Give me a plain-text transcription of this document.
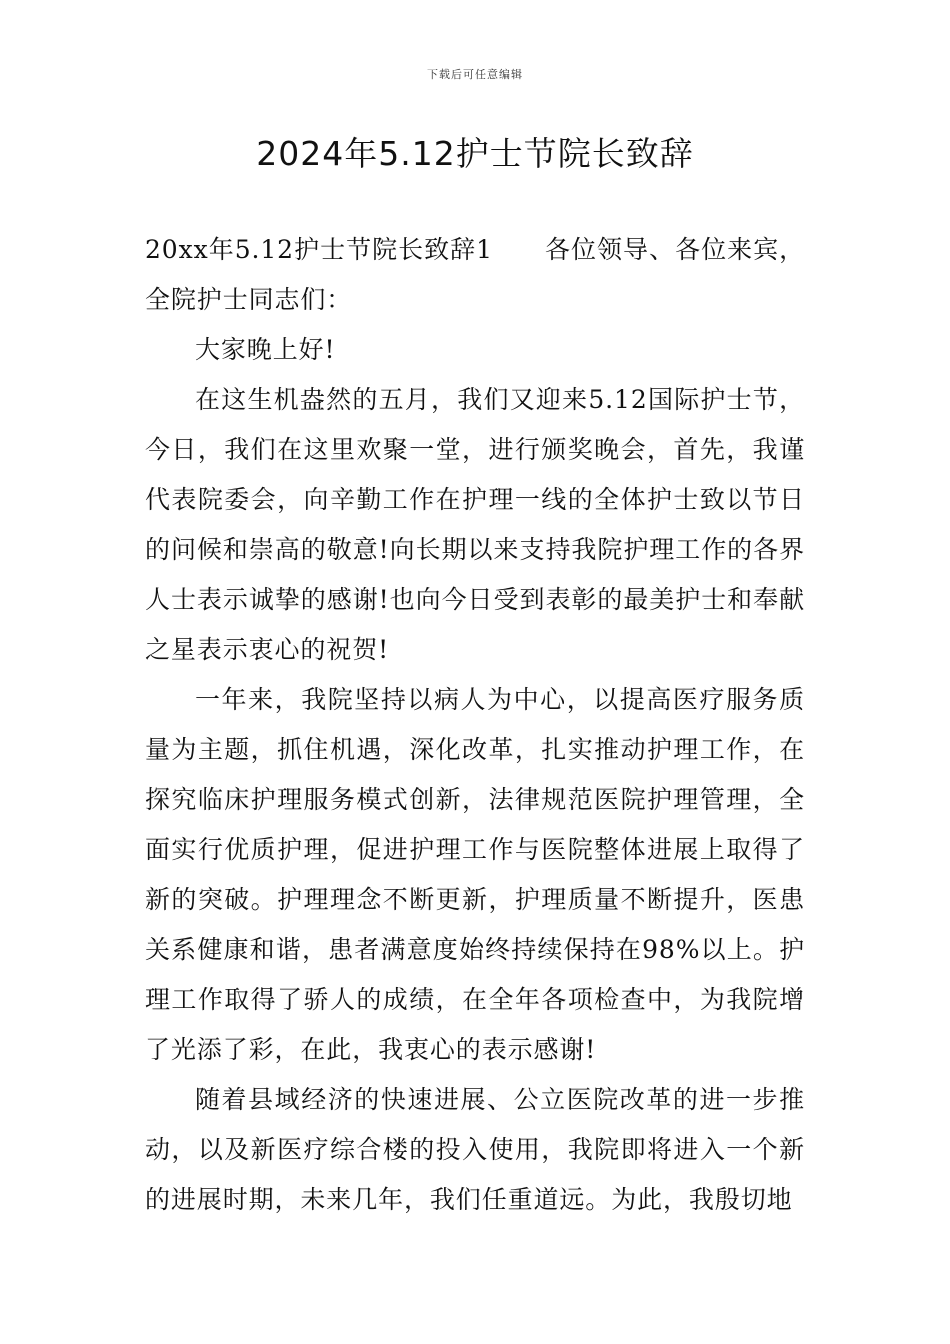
下载后可任意编辑
2024年5.12护士节院长致辞

20xx年5.12护士节院长致辞1　　各位领导、各位来宾，全院护士同志们：

大家晚上好!

在这生机盎然的五月，我们又迎来5.12国际护士节，今日，我们在这里欢聚一堂，进行颁奖晚会，首先，我谨代表院委会，向辛勤工作在护理一线的全体护士致以节日的问候和崇高的敬意!向长期以来支持我院护理工作的各界人士表示诚挚的感谢!也向今日受到表彰的最美护士和奉献之星表示衷心的祝贺!

一年来，我院坚持以病人为中心，以提高医疗服务质量为主题，抓住机遇，深化改革，扎实推动护理工作，在探究临床护理服务模式创新，法律规范医院护理管理，全面实行优质护理，促进护理工作与医院整体进展上取得了新的突破。护理理念不断更新，护理质量不断提升，医患关系健康和谐，患者满意度始终持续保持在98%以上。护理工作取得了骄人的成绩，在全年各项检查中，为我院增了光添了彩，在此，我衷心的表示感谢!

随着县域经济的快速进展、公立医院改革的进一步推动，以及新医疗综合楼的投入使用，我院即将进入一个新的进展时期，未来几年，我们任重道远。为此，我殷切地
